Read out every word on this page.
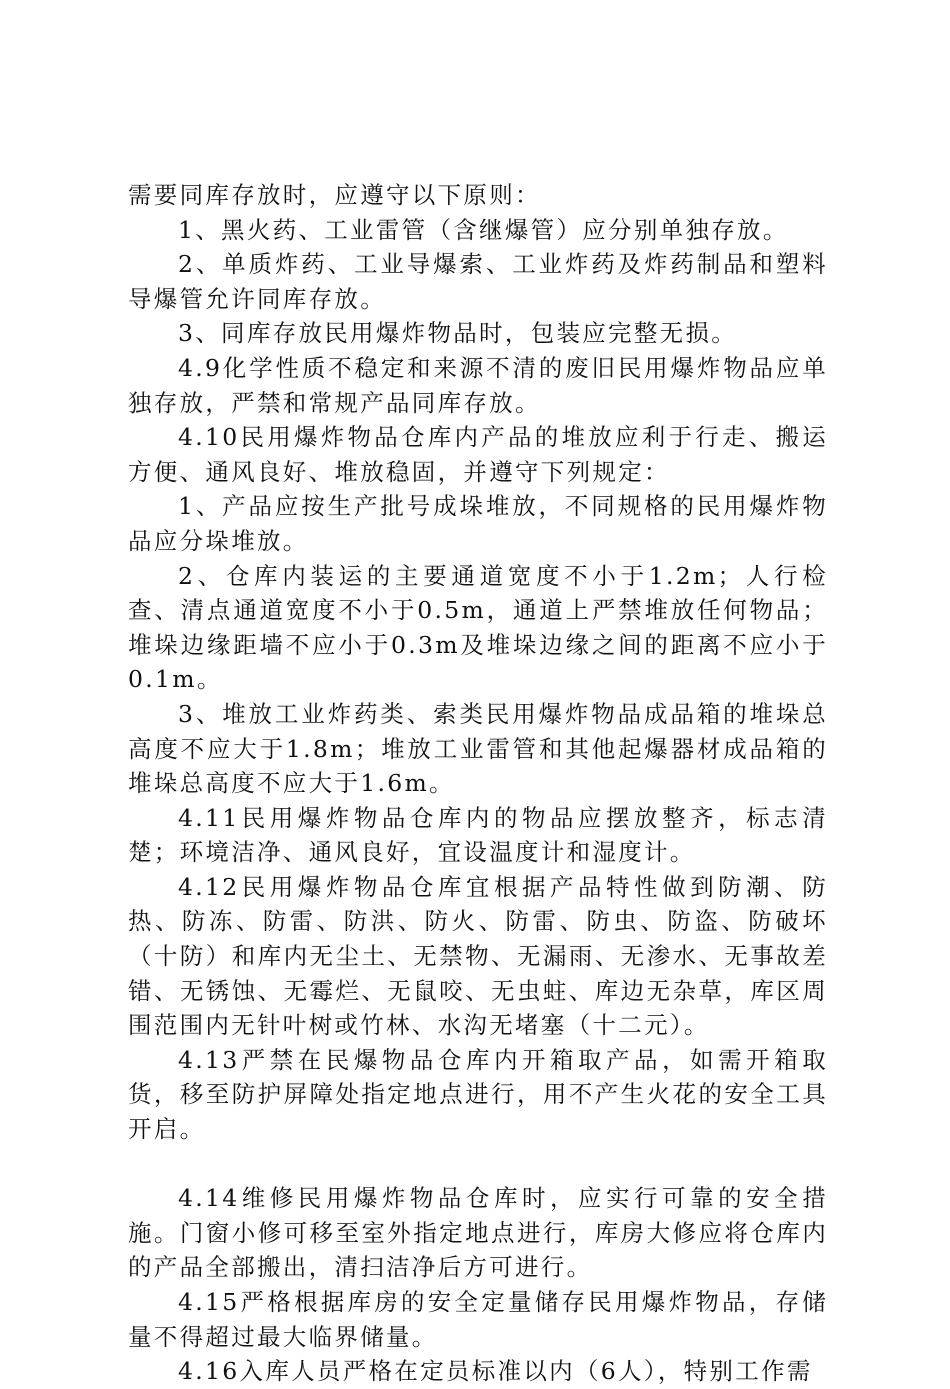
需要同库存放时，应遵守以下原则：

1、黑火药、工业雷管（含继爆管）应分别单独存放。

2、单质炸药、工业导爆索、工业炸药及炸药制品和塑料导爆管允许同库存放。

3、同库存放民用爆炸物品时，包装应完整无损。

4.9化学性质不稳定和来源不清的废旧民用爆炸物品应单独存放，严禁和常规产品同库存放。

4.10民用爆炸物品仓库内产品的堆放应利于行走、搬运方便、通风良好、堆放稳固，并遵守下列规定：

1、产品应按生产批号成垛堆放，不同规格的民用爆炸物品应分垛堆放。

2、仓库内装运的主要通道宽度不小于1.2m；人行检查、清点通道宽度不小于0.5m，通道上严禁堆放任何物品；堆垛边缘距墙不应小于0.3m及堆垛边缘之间的距离不应小于0.1m。

3、堆放工业炸药类、索类民用爆炸物品成品箱的堆垛总高度不应大于1.8m；堆放工业雷管和其他起爆器材成品箱的堆垛总高度不应大于1.6m。

4.11民用爆炸物品仓库内的物品应摆放整齐，标志清楚；环境洁净、通风良好，宜设温度计和湿度计。

4.12民用爆炸物品仓库宜根据产品特性做到防潮、防热、防冻、防雷、防洪、防火、防雷、防虫、防盗、防破坏（十防）和库内无尘土、无禁物、无漏雨、无渗水、无事故差错、无锈蚀、无霉烂、无鼠咬、无虫蛀、库边无杂草，库区周围范围内无针叶树或竹林、水沟无堵塞（十二元）。

4.13严禁在民爆物品仓库内开箱取产品，如需开箱取货，移至防护屏障处指定地点进行，用不产生火花的安全工具开启。

4.14维修民用爆炸物品仓库时，应实行可靠的安全措施。门窗小修可移至室外指定地点进行，库房大修应将仓库内的产品全部搬出，清扫洁净后方可进行。

4.15严格根据库房的安全定量储存民用爆炸物品，存储量不得超过最大临界储量。

4.16入库人员严格在定员标准以内（6人），特别工作需
